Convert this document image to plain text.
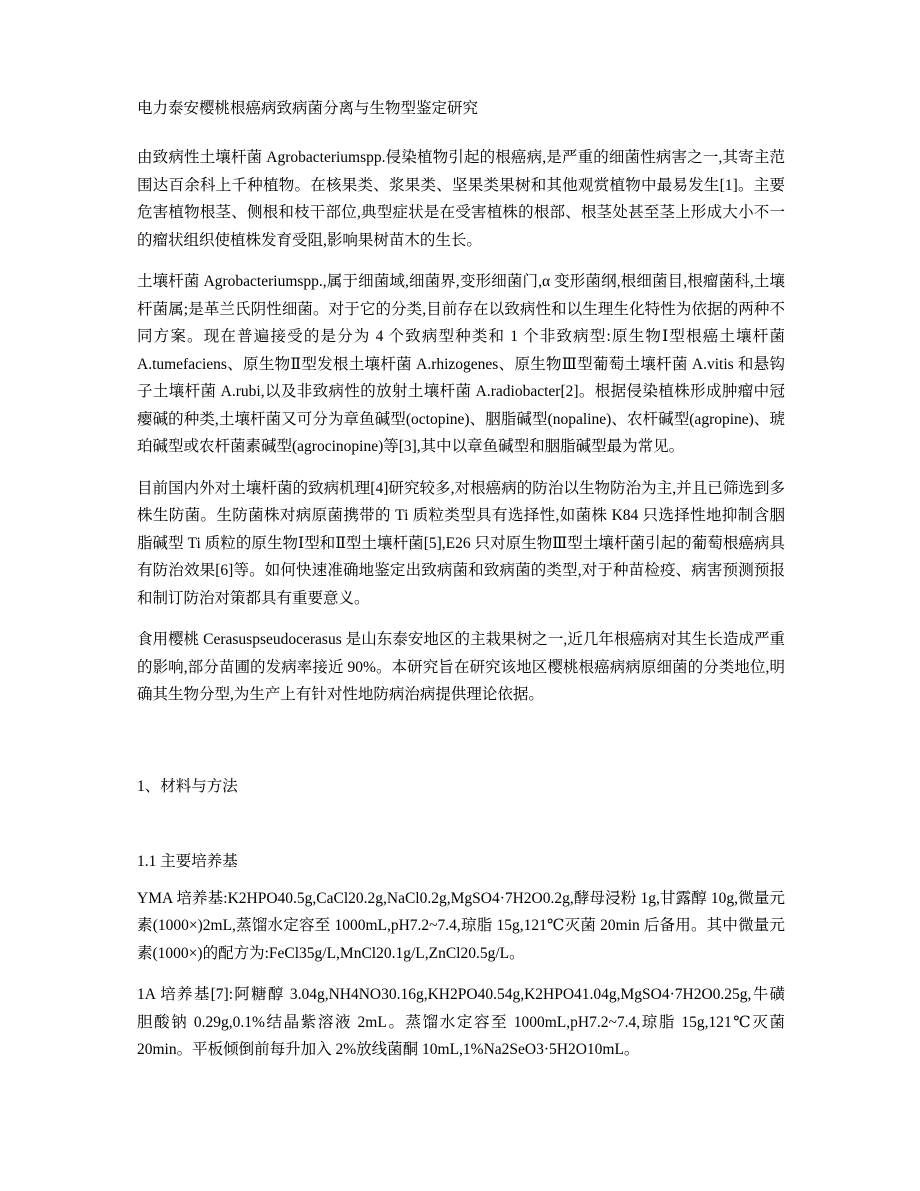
电力泰安樱桃根癌病致病菌分离与生物型鉴定研究

由致病性土壤杆菌 Agrobacteriumspp.侵染植物引起的根癌病,是严重的细菌性病害之一,其寄主范围达百余科上千种植物。在核果类、浆果类、坚果类果树和其他观赏植物中最易发生[1]。主要危害植物根茎、侧根和枝干部位,典型症状是在受害植株的根部、根茎处甚至茎上形成大小不一的瘤状组织使植株发育受阻,影响果树苗木的生长。

土壤杆菌 Agrobacteriumspp.,属于细菌域,细菌界,变形细菌门,α 变形菌纲,根细菌目,根瘤菌科,土壤杆菌属;是革兰氏阴性细菌。对于它的分类,目前存在以致病性和以生理生化特性为依据的两种不同方案。现在普遍接受的是分为 4 个致病型种类和 1 个非致病型:原生物Ⅰ型根癌土壤杆菌 A.tumefaciens、原生物Ⅱ型发根土壤杆菌 A.rhizogenes、原生物Ⅲ型葡萄土壤杆菌 A.vitis 和悬钩子土壤杆菌 A.rubi,以及非致病性的放射土壤杆菌 A.radiobacter[2]。根据侵染植株形成肿瘤中冠瘿碱的种类,土壤杆菌又可分为章鱼碱型(octopine)、胭脂碱型(nopaline)、农杆碱型(agropine)、琥珀碱型或农杆菌素碱型(agrocinopine)等[3],其中以章鱼碱型和胭脂碱型最为常见。

目前国内外对土壤杆菌的致病机理[4]研究较多,对根癌病的防治以生物防治为主,并且已筛选到多株生防菌。生防菌株对病原菌携带的 Ti 质粒类型具有选择性,如菌株 K84 只选择性地抑制含胭脂碱型 Ti 质粒的原生物Ⅰ型和Ⅱ型土壤杆菌[5],E26 只对原生物Ⅲ型土壤杆菌引起的葡萄根癌病具有防治效果[6]等。如何快速准确地鉴定出致病菌和致病菌的类型,对于种苗检疫、病害预测预报和制订防治对策都具有重要意义。

食用樱桃 Cerasuspseudocerasus 是山东泰安地区的主栽果树之一,近几年根癌病对其生长造成严重的影响,部分苗圃的发病率接近 90%。本研究旨在研究该地区樱桃根癌病病原细菌的分类地位,明确其生物分型,为生产上有针对性地防病治病提供理论依据。

1、材料与方法

1.1 主要培养基

YMA 培养基:K2HPO40.5g,CaCl20.2g,NaCl0.2g,MgSO4·7H2O0.2g,酵母浸粉 1g,甘露醇 10g,微量元素(1000×)2mL,蒸馏水定容至 1000mL,pH7.2~7.4,琼脂 15g,121℃灭菌 20min 后备用。其中微量元素(1000×)的配方为:FeCl35g/L,MnCl20.1g/L,ZnCl20.5g/L。

1A 培养基[7]:阿糖醇 3.04g,NH4NO30.16g,KH2PO40.54g,K2HPO41.04g,MgSO4·7H2O0.25g,牛磺胆酸钠 0.29g,0.1%结晶紫溶液 2mL。蒸馏水定容至 1000mL,pH7.2~7.4,琼脂 15g,121℃灭菌 20min。平板倾倒前每升加入 2%放线菌酮 10mL,1%Na2SeO3·5H2O10mL。
